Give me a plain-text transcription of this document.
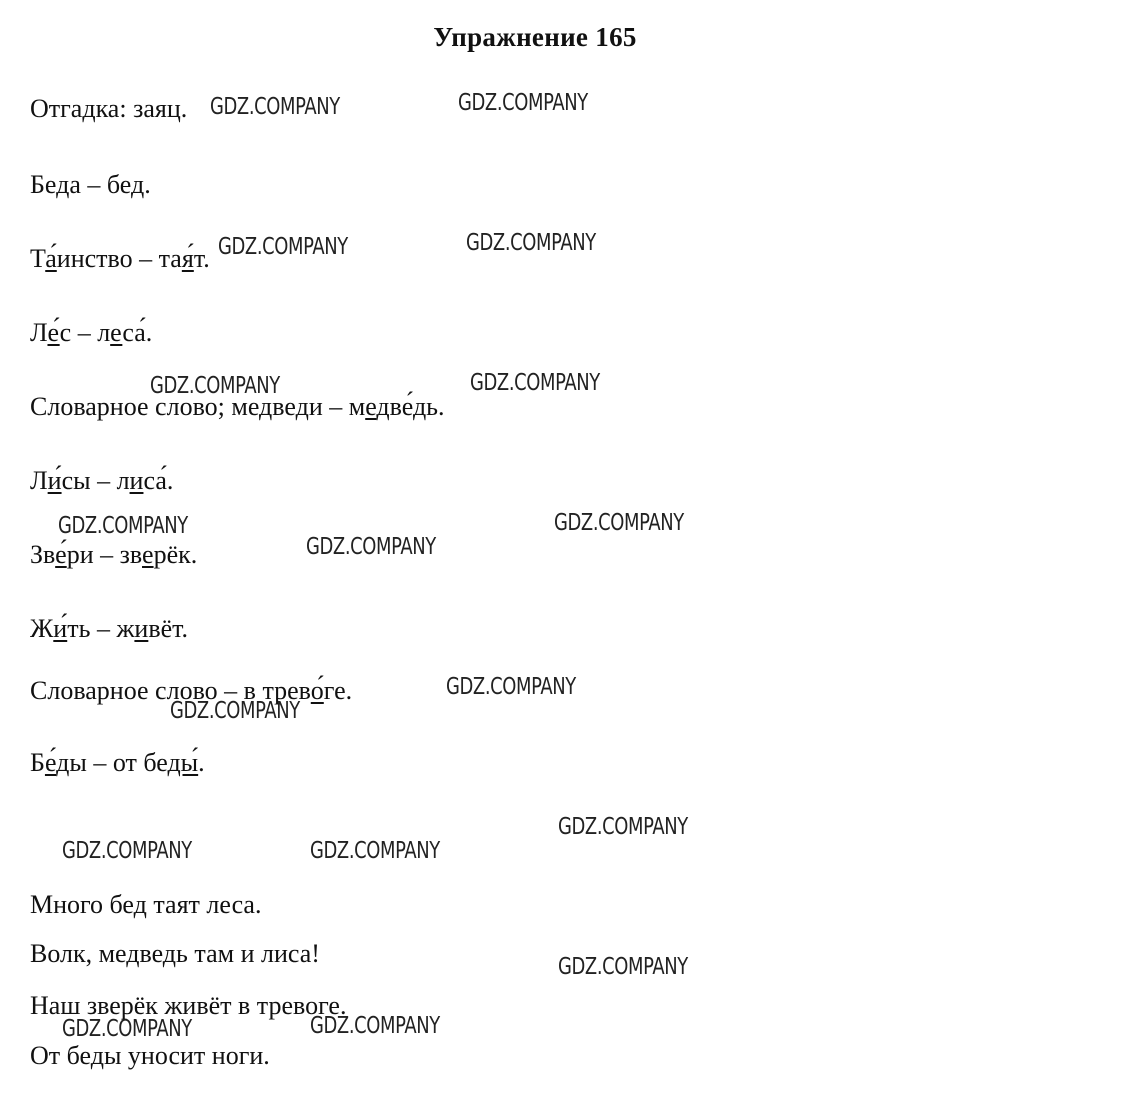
Упражнение 165
Отгадка: заяц.
Беда – бед.
Та́инство – тая́т.
Ле́с – леса́.
Словарное слово; медведи – медве́дь.
Ли́сы – лиса́.
Зве́ри – зверёк.
Жи́ть – живёт.
Словарное слово – в трево́ге.
Бе́ды – от беды́.
Много бед таят леса.
Волк, медведь там и лиса!
Наш зверёк живёт в тревоге.
От беды уносит ноги.
GDZ.COMPANY	GDZ.COMPANY
GDZ.COMPANY	GDZ.COMPANY
GDZ.COMPANY	GDZ.COMPANY
GDZ.COMPANY	GDZ.COMPANY
GDZ.COMPANY
GDZ.COMPANY
GDZ.COMPANY
GDZ.COMPANY
GDZ.COMPANY	GDZ.COMPANY
GDZ.COMPANY
GDZ.COMPANY	GDZ.COMPANY
